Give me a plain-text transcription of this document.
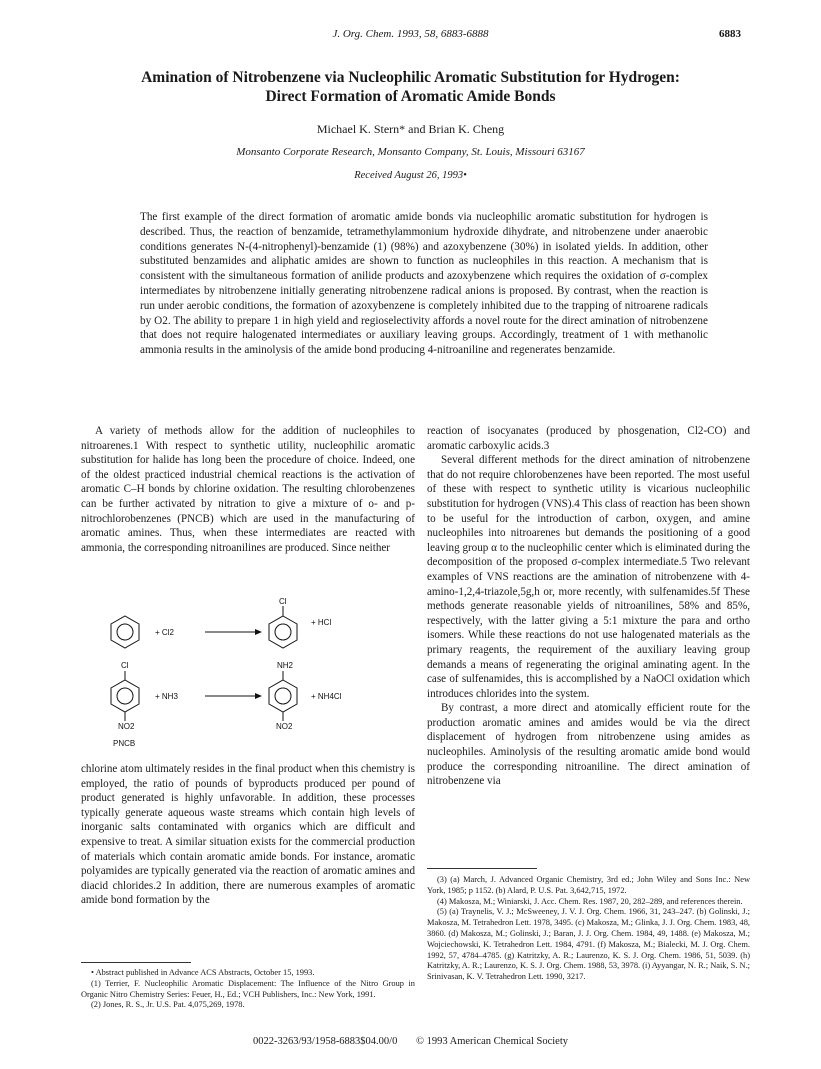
J. Org. Chem. 1993, 58, 6883-6888	6883
Amination of Nitrobenzene via Nucleophilic Aromatic Substitution for Hydrogen: Direct Formation of Aromatic Amide Bonds
Michael K. Stern* and Brian K. Cheng
Monsanto Corporate Research, Monsanto Company, St. Louis, Missouri 63167
Received August 26, 1993•
The first example of the direct formation of aromatic amide bonds via nucleophilic aromatic substitution for hydrogen is described. Thus, the reaction of benzamide, tetramethylammonium hydroxide dihydrate, and nitrobenzene under anaerobic conditions generates N-(4-nitrophenyl)-benzamide (1) (98%) and azoxybenzene (30%) in isolated yields. In addition, other substituted benzamides and aliphatic amides are shown to function as nucleophiles in this reaction. A mechanism that is consistent with the simultaneous formation of anilide products and azoxybenzene which requires the oxidation of σ-complex intermediates by nitrobenzene initially generating nitrobenzene radical anions is proposed. By contrast, when the reaction is run under aerobic conditions, the formation of azoxybenzene is completely inhibited due to the trapping of nitroarene radicals by O2. The ability to prepare 1 in high yield and regioselectivity affords a novel route for the direct amination of nitrobenzene that does not require halogenated intermediates or auxiliary leaving groups. Accordingly, treatment of 1 with methanolic ammonia results in the aminolysis of the amide bond producing 4-nitroaniline and regenerates benzamide.

A variety of methods allow for the addition of nucleophiles to nitroarenes.1 With respect to synthetic utility, nucleophilic aromatic substitution for halide has long been the procedure of choice. Indeed, one of the oldest practiced industrial chemical reactions is the activation of aromatic C–H bonds by chlorine oxidation. The resulting chlorobenzenes can be further activated by nitration to give a mixture of o- and p-nitrochlorobenzenes (PNCB) which are used in the manufacturing of aromatic amines. Thus, when these intermediates are reacted with ammonia, the corresponding nitroanilines are produced. Since neither

+ Cl2
Cl
+ HCl
Cl
NO2
+ NH3
NH2
NO2
+ NH4Cl
PNCB

chlorine atom ultimately resides in the final product when this chemistry is employed, the ratio of pounds of byproducts produced per pound of product generated is highly unfavorable. In addition, these processes typically generate aqueous waste streams which contain high levels of inorganic salts contaminated with organics which are difficult and expensive to treat. A similar situation exists for the commercial production of materials which contain aromatic amide bonds. For instance, aromatic polyamides are typically generated via the reaction of aromatic amines and diacid chlorides.2 In addition, there are numerous examples of aromatic amide bond formation by the

reaction of isocyanates (produced by phosgenation, Cl2-CO) and aromatic carboxylic acids.3

Several different methods for the direct amination of nitrobenzene that do not require chlorobenzenes have been reported. The most useful of these with respect to synthetic utility is vicarious nucleophilic substitution for hydrogen (VNS).4 This class of reaction has been shown to be useful for the introduction of carbon, oxygen, and amine nucleophiles into nitroarenes but demands the positioning of a good leaving group α to the nucleophilic center which is eliminated during the decomposition of the proposed σ-complex intermediate.5 Two relevant examples of VNS reactions are the amination of nitrobenzene with 4-amino-1,2,4-triazole,5g,h or, more recently, with sulfenamides.5f These methods generate reasonable yields of nitroanilines, 58% and 85%, respectively, with the latter giving a 5:1 mixture the para and ortho isomers. While these reactions do not use halogenated materials as the primary reagents, the requirement of the auxiliary leaving group demands a means of regenerating the original aminating agent. In the case of sulfenamides, this is accomplished by a NaOCl oxidation which introduces chlorides into the system.

By contrast, a more direct and atomically efficient route for the production aromatic amines and amides would be via the direct displacement of hydrogen from nitrobenzene using amides as nucleophiles. Aminolysis of the resulting aromatic amide bond would produce the corresponding nitroaniline. The direct amination of nitrobenzene via

(3) (a) March, J. Advanced Organic Chemistry, 3rd ed.; John Wiley and Sons Inc.: New York, 1985; p 1152. (b) Alard, P. U.S. Pat. 3,642,715, 1972.

(4) Makosza, M.; Winiarski, J. Acc. Chem. Res. 1987, 20, 282–289, and references therein.

(5) (a) Traynelis, V. J.; McSweeney, J. V. J. Org. Chem. 1966, 31, 243–247. (b) Golinski, J.; Makosza, M. Tetrahedron Lett. 1978, 3495. (c) Makosza, M.; Glinka, J. J. Org. Chem. 1983, 48, 3860. (d) Makosza, M.; Golinski, J.; Baran, J. J. Org. Chem. 1984, 49, 1488. (e) Makosza, M.; Wojciechowski, K. Tetrahedron Lett. 1984, 4791. (f) Makosza, M.; Bialecki, M. J. Org. Chem. 1992, 57, 4784–4785. (g) Katritzky, A. R.; Laurenzo, K. S. J. Org. Chem. 1986, 51, 5039. (h) Katritzky, A. R.; Laurenzo, K. S. J. Org. Chem. 1988, 53, 3978. (i) Ayyangar, N. R.; Naik, S. N.; Srinivasan, K. V. Tetrahedron Lett. 1990, 3217.

• Abstract published in Advance ACS Abstracts, October 15, 1993.

(1) Terrier, F. Nucleophilic Aromatic Displacement: The Influence of the Nitro Group in Organic Nitro Chemistry Series: Feuer, H., Ed.; VCH Publishers, Inc.: New York, 1991.

(2) Jones, R. S., Jr. U.S. Pat. 4,075,269, 1978.

0022-3263/93/1958-6883$04.00/0 © 1993 American Chemical Society
